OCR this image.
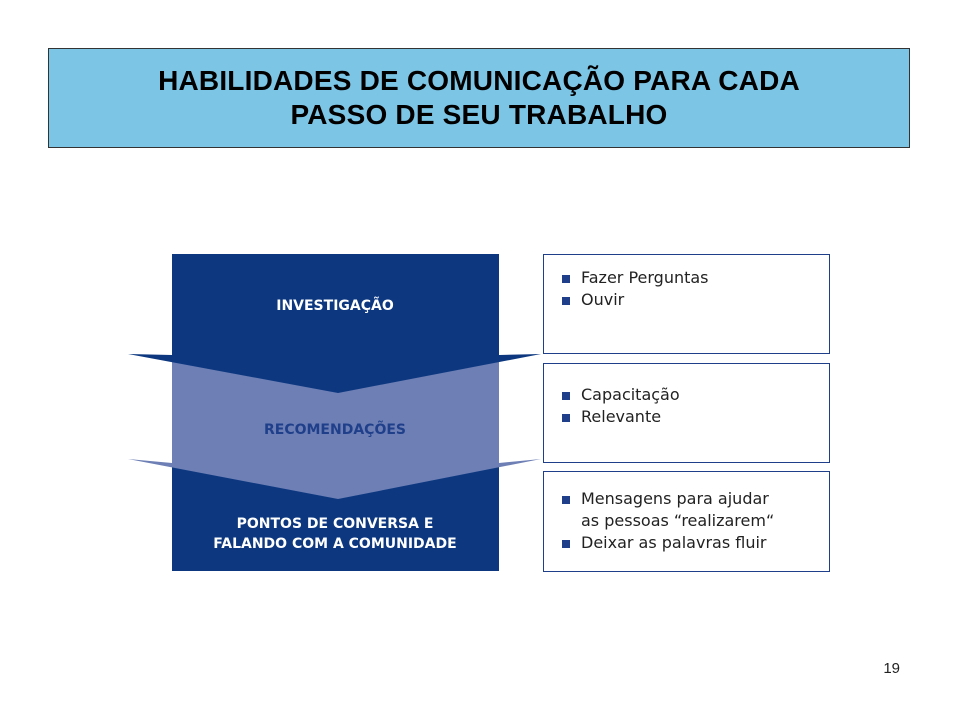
HABILIDADES DE COMUNICAÇÃO PARA CADA
PASSO DE SEU TRABALHO
INVESTIGAÇÃO
RECOMENDAÇÕES
PONTOS DE CONVERSA E
FALANDO COM A COMUNIDADE
Fazer Perguntas
Ouvir
Capacitação
Relevante
Mensagens para ajudar
as pessoas “realizarem“
Deixar as palavras fluir
19
